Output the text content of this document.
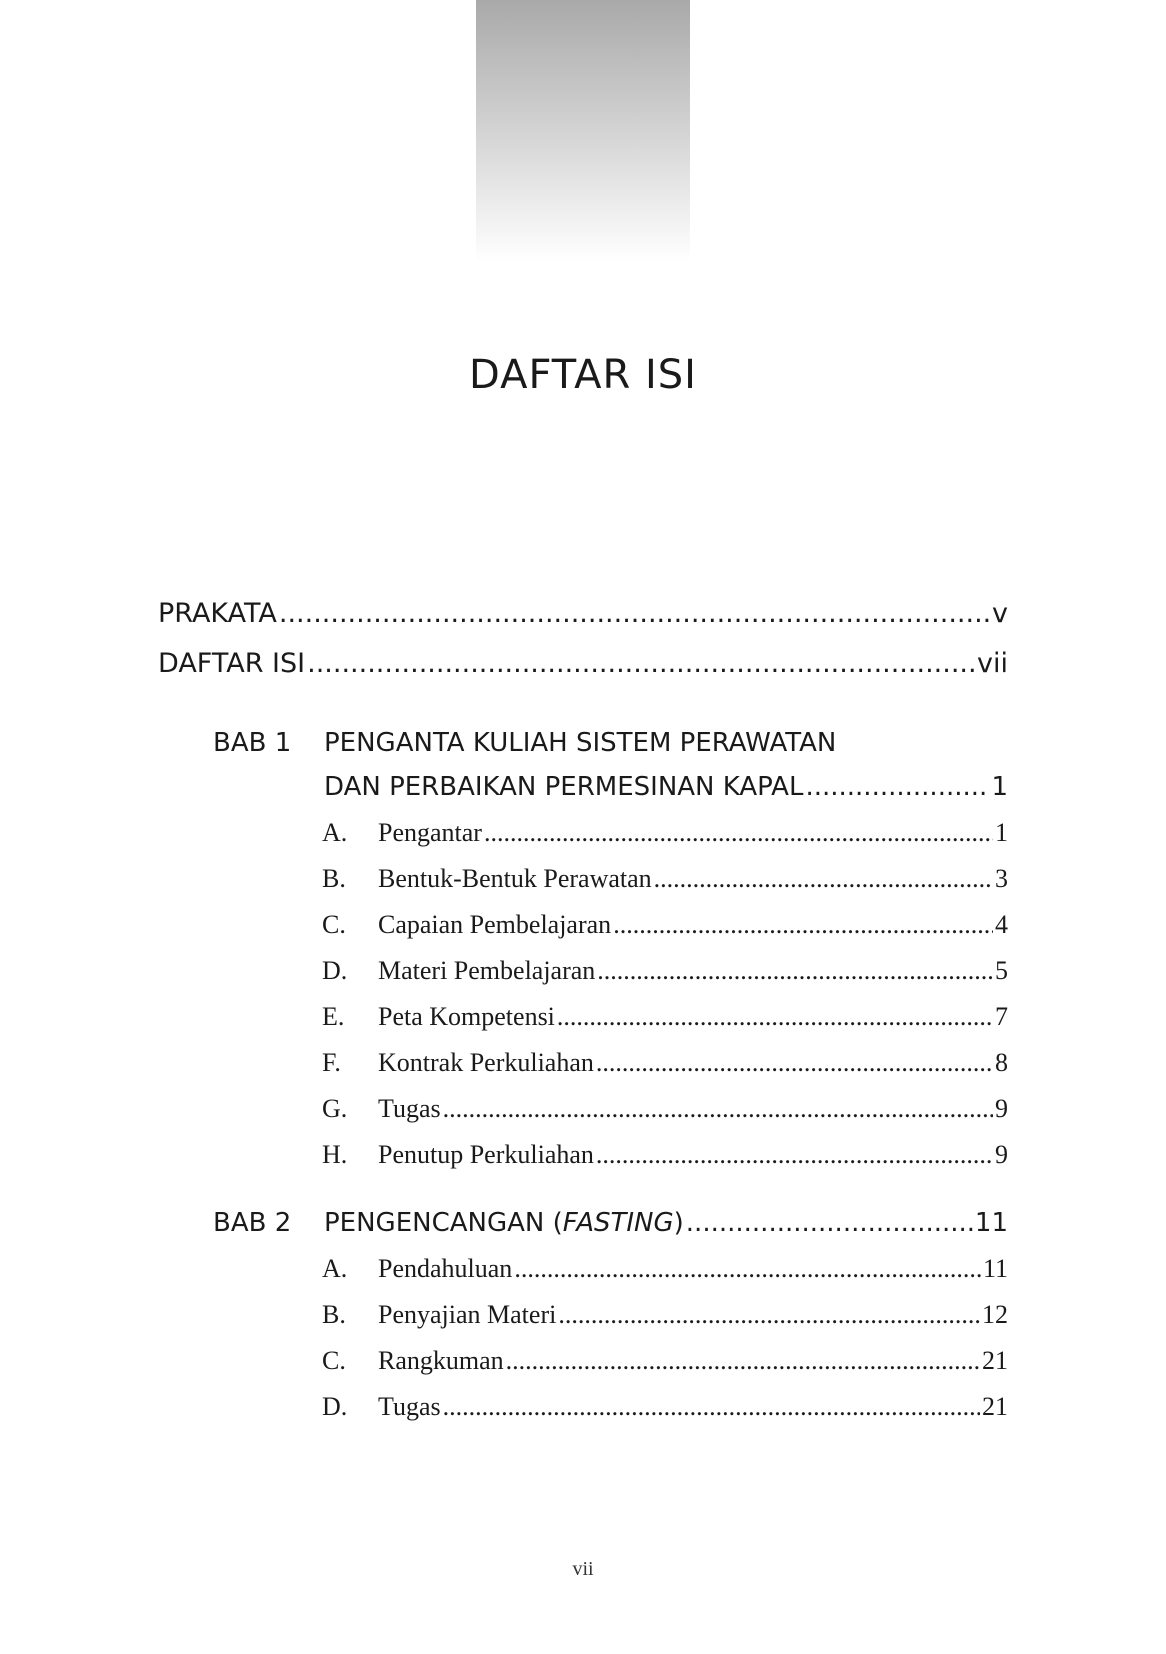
DAFTAR ISI
PRAKATA .....	v
DAFTAR ISI .....	vii
BAB 1 PENGANTA KULIAH SISTEM PERAWATAN
DAN PERBAIKAN PERMESINAN KAPAL .....	1
A.	Pengantar .....	1
B.	Bentuk-Bentuk Perawatan .....	3
C.	Capaian Pembelajaran .....	4
D.	Materi Pembelajaran .....	5
E.	Peta Kompetensi .....	7
F.	Kontrak Perkuliahan .....	8
G.	Tugas .....	9
H.	Penutup Perkuliahan .....	9
BAB 2 PENGENCANGAN (FASTING) .....	11
A.	Pendahuluan .....	11
B.	Penyajian Materi .....	12
C.	Rangkuman .....	21
D.	Tugas .....	21
vii
